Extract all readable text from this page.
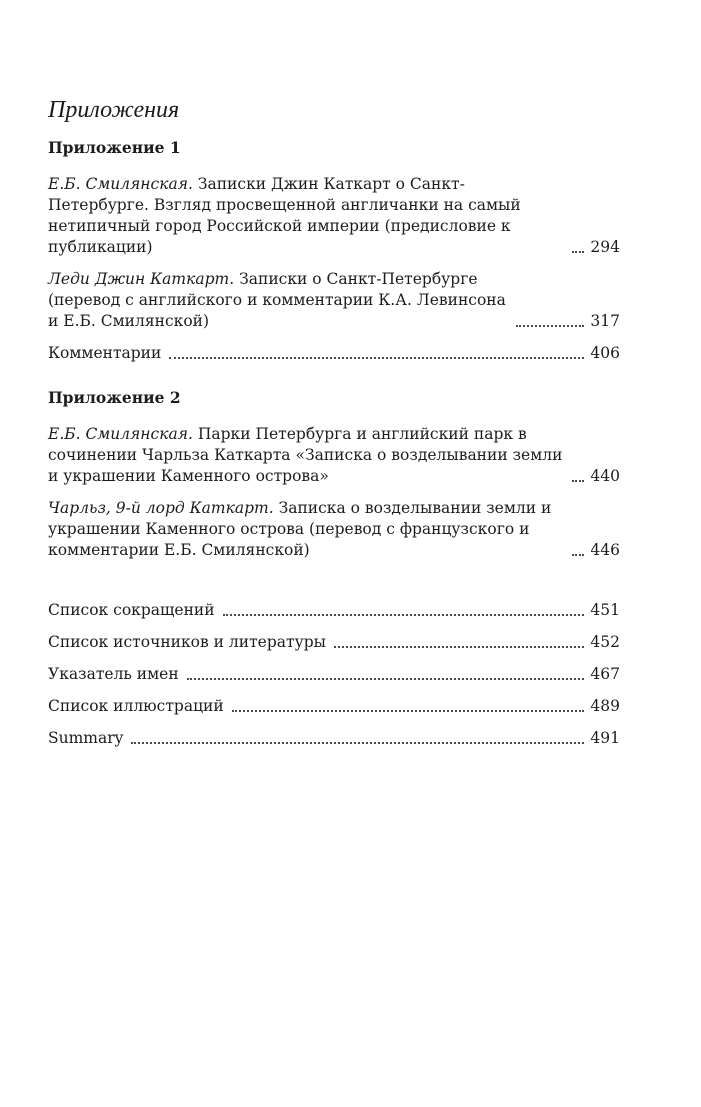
Приложения
Приложение 1
Е.Б. Смилянская. Записки Джин Каткарт о Санкт-Петербурге. Взгляд просвещенной англичанки на самый нетипичный город Российской империи (предисловие к публикации)	294
Леди Джин Каткарт. Записки о Санкт-Петербурге (перевод с английского и комментарии К.А. Левинсона и Е.Б. Смилянской)	317
Комментарии	406
Приложение 2
Е.Б. Смилянская. Парки Петербурга и английский парк в сочинении Чарльза Каткарта «Записка о возделывании земли и украшении Каменного острова»	440
Чарльз, 9-й лорд Каткарт. Записка о возделывании земли и украшении Каменного острова (перевод с французского и комментарии Е.Б. Смилянской)	446
Список сокращений	451
Список источников и литературы	452
Указатель имен	467
Список иллюстраций	489
Summary	491
